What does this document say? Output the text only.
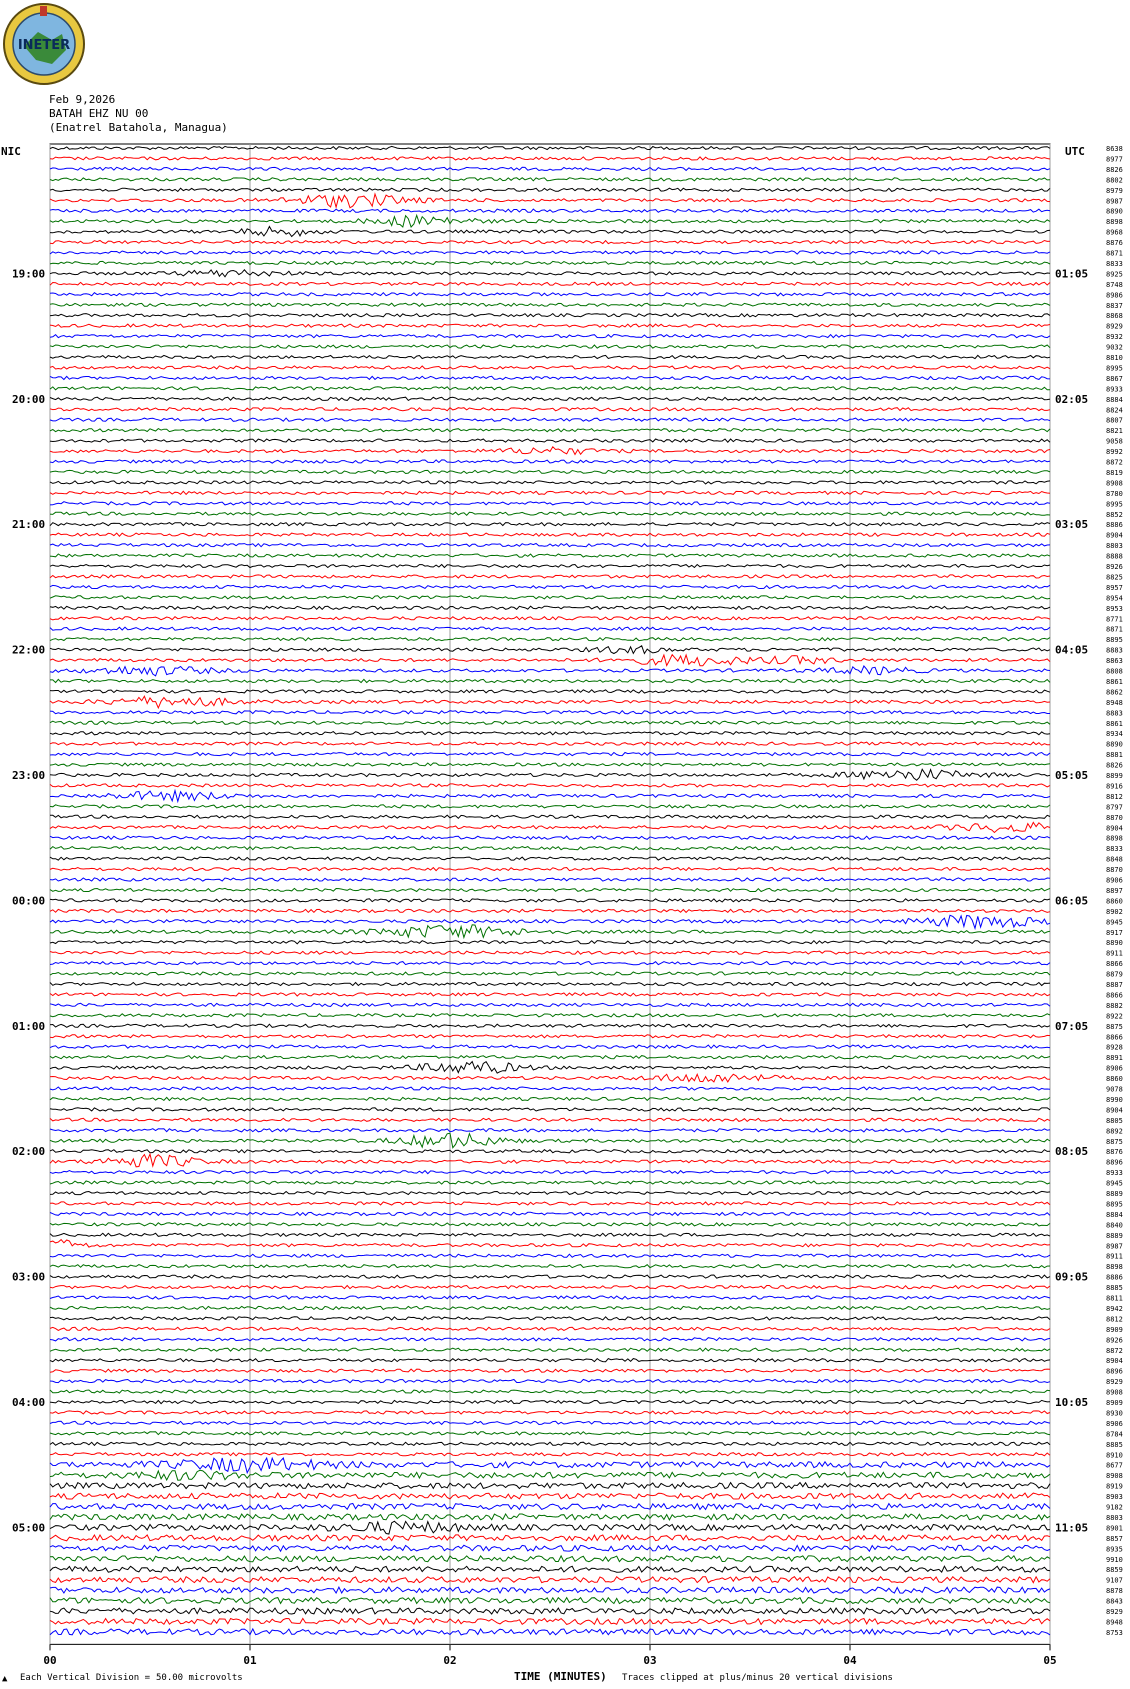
INETER
Feb 9,2026
BATAH EHZ NU 00
(Enatrel Batahola, Managua)
NIC	UTC
00	01	02	03	04	05
8638
8977
8826
8802
8979
8987
8890
8898
8968
8876
8871
8833
8925
8748
8986
8837
8868
8929
8932
9032
8810
8995
8867
8933
8884
8824
8807
8821
9058
8992
8872
8819
8908
8780
8995
8852
8886
8904
8803
8888
8926
8825
8957
8954
8953
8771
8871
8895
8883
8863
8808
8861
8862
8948
8883
8861
8934
8890
8881
8826
8899
8916
8812
8797
8870
8904
8898
8833
8848
8870
8906
8897
8860
8902
8945
8917
8890
8911
8866
8879
8887
8866
8882
8922
8875
8866
8928
8891
8906
8860
9078
8990
8904
8805
8892
8875
8876
8896
8933
8945
8889
8895
8884
8840
8889
8987
8911
8898
8886
8885
8811
8942
8812
8909
8926
8872
8904
8896
8929
8908
8909
8930
8906
8784
8885
8910
8677
8908
8919
8903
9182
8803
8901
8857
8935
9910
8859
9107
8878
8843
8929
8948
8753
19:00	01:05
20:00	02:05
21:00	03:05
22:00	04:05
23:00	05:05
00:00	06:05
01:00	07:05
02:00	08:05
03:00	09:05
04:00	10:05
05:00	11:05
▲ Each Vertical Division = 50.00 microvolts	TIME (MINUTES) Traces clipped at plus/minus 20 vertical divisions
